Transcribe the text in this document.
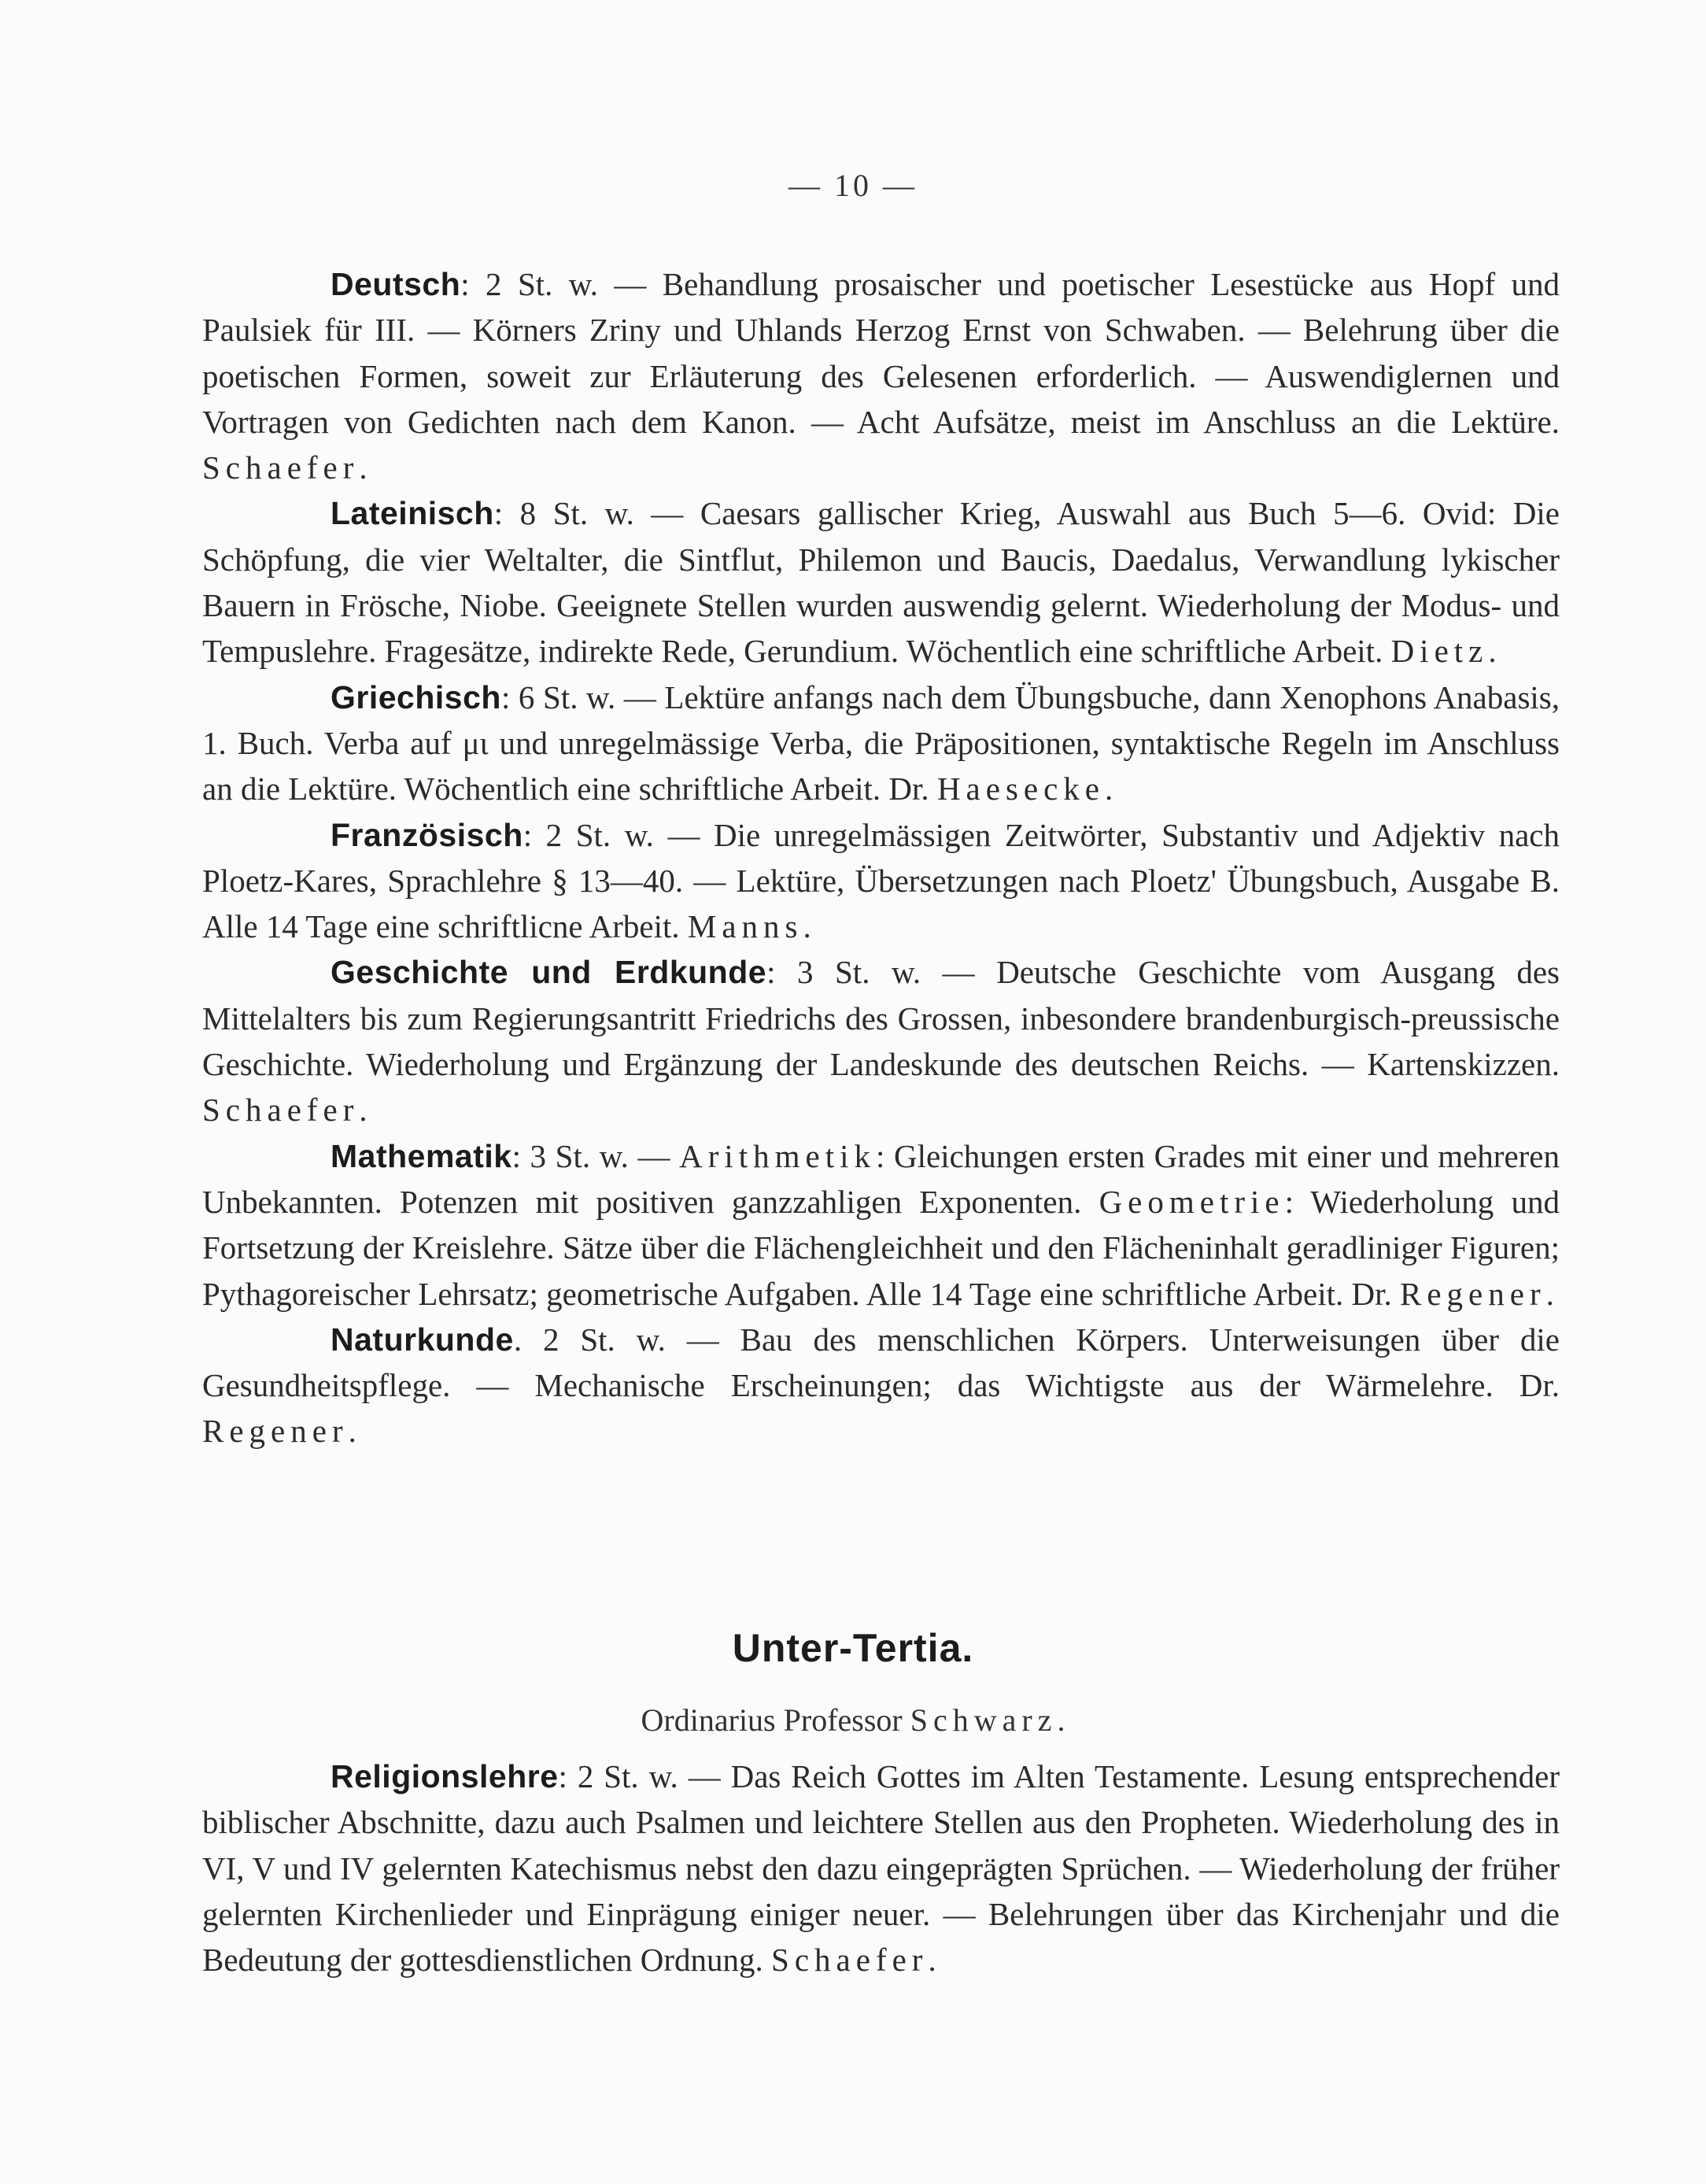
— 10 —

Deutsch: 2 St. w. — Behandlung prosaischer und poetischer Lesestücke aus Hopf und Paulsiek für III. — Körners Zriny und Uhlands Herzog Ernst von Schwaben. — Belehrung über die poetischen Formen, soweit zur Erläuterung des Gelesenen erforderlich. — Auswendiglernen und Vortragen von Gedichten nach dem Kanon. — Acht Aufsätze, meist im Anschluss an die Lektüre. Schaefer.

Lateinisch: 8 St. w. — Caesars gallischer Krieg, Auswahl aus Buch 5—6. Ovid: Die Schöpfung, die vier Weltalter, die Sintflut, Philemon und Baucis, Daedalus, Verwandlung lykischer Bauern in Frösche, Niobe. Geeignete Stellen wurden auswendig gelernt. Wiederholung der Modus- und Tempuslehre. Fragesätze, indirekte Rede, Gerundium. Wöchentlich eine schriftliche Arbeit. Dietz.

Griechisch: 6 St. w. — Lektüre anfangs nach dem Übungsbuche, dann Xenophons Anabasis, 1. Buch. Verba auf μι und unregelmässige Verba, die Präpositionen, syntaktische Regeln im Anschluss an die Lektüre. Wöchentlich eine schriftliche Arbeit. Dr. Haesecke.

Französisch: 2 St. w. — Die unregelmässigen Zeitwörter, Substantiv und Adjektiv nach Ploetz-Kares, Sprachlehre § 13—40. — Lektüre, Übersetzungen nach Ploetz' Übungsbuch, Ausgabe B. Alle 14 Tage eine schriftlicne Arbeit. Manns.

Geschichte und Erdkunde: 3 St. w. — Deutsche Geschichte vom Ausgang des Mittelalters bis zum Regierungsantritt Friedrichs des Grossen, inbesondere brandenburgisch-preussische Geschichte. Wiederholung und Ergänzung der Landeskunde des deutschen Reichs. — Kartenskizzen. Schaefer.

Mathematik: 3 St. w. — Arithmetik: Gleichungen ersten Grades mit einer und mehreren Unbekannten. Potenzen mit positiven ganzzahligen Exponenten. Geometrie: Wiederholung und Fortsetzung der Kreislehre. Sätze über die Flächengleichheit und den Flächeninhalt geradliniger Figuren; Pythagoreischer Lehrsatz; geometrische Aufgaben. Alle 14 Tage eine schriftliche Arbeit. Dr. Regener.

Naturkunde. 2 St. w. — Bau des menschlichen Körpers. Unterweisungen über die Gesundheitspflege. — Mechanische Erscheinungen; das Wichtigste aus der Wärmelehre. Dr. Regener.

Unter-Tertia.
Ordinarius Professor Schwarz.

Religionslehre: 2 St. w. — Das Reich Gottes im Alten Testamente. Lesung entsprechender biblischer Abschnitte, dazu auch Psalmen und leichtere Stellen aus den Propheten. Wiederholung des in VI, V und IV gelernten Katechismus nebst den dazu eingeprägten Sprüchen. — Wiederholung der früher gelernten Kirchenlieder und Einprägung einiger neuer. — Belehrungen über das Kirchenjahr und die Bedeutung der gottesdienstlichen Ordnung. Schaefer.
